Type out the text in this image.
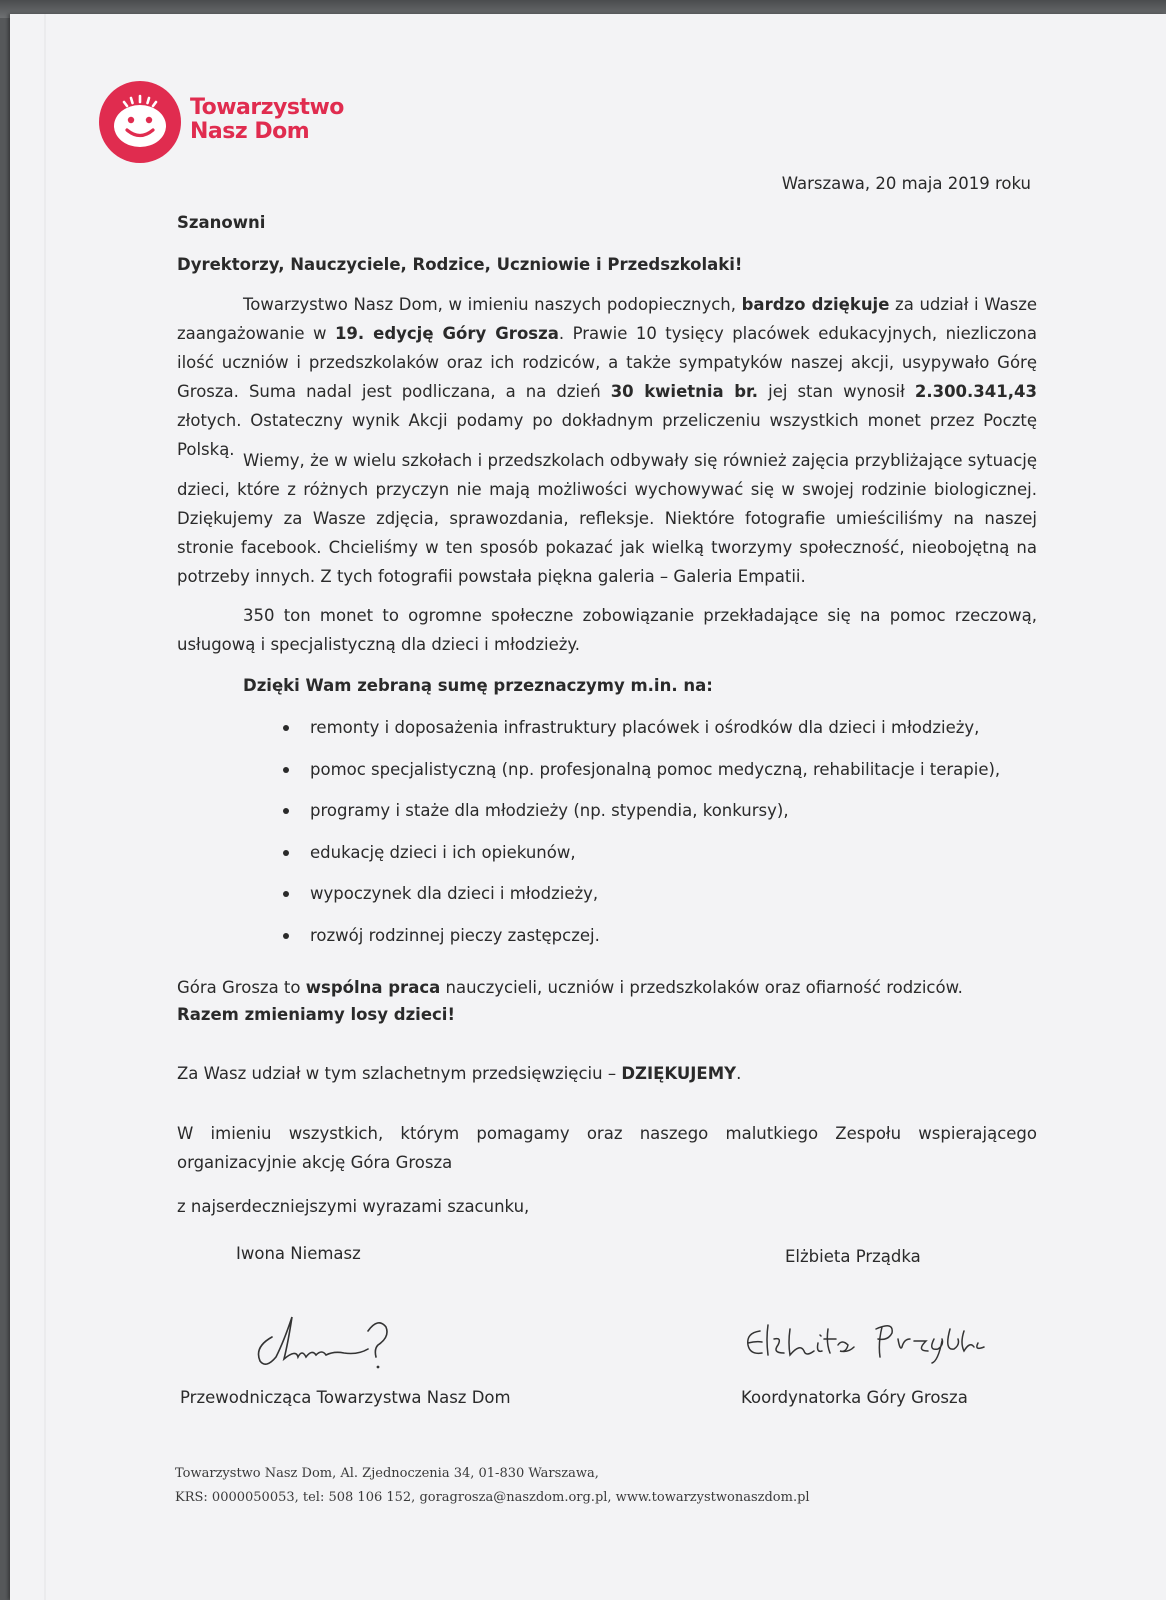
Towarzystwo
Nasz Dom
Warszawa, 20 maja 2019 roku
Szanowni
Dyrektorzy, Nauczyciele, Rodzice, Uczniowie i Przedszkolaki!
Towarzystwo Nasz Dom, w imieniu naszych podopiecznych, bardzo dziękuje za udział i Wasze zaangażowanie w 19. edycję Góry Grosza. Prawie 10 tysięcy placówek edukacyjnych, niezliczona ilość uczniów i przedszkolaków oraz ich rodziców, a także sympatyków naszej akcji, usypywało Górę Grosza. Suma nadal jest podliczana, a na dzień 30 kwietnia br. jej stan wynosił 2.300.341,43 złotych. Ostateczny wynik Akcji podamy po dokładnym przeliczeniu wszystkich monet przez Pocztę Polską.
Wiemy, że w wielu szkołach i przedszkolach odbywały się również zajęcia przybliżające sytuację dzieci, które z różnych przyczyn nie mają możliwości wychowywać się w swojej rodzinie biologicznej. Dziękujemy za Wasze zdjęcia, sprawozdania, refleksje. Niektóre fotografie umieściliśmy na naszej stronie facebook. Chcieliśmy w ten sposób pokazać jak wielką tworzymy społeczność, nieobojętną na potrzeby innych. Z tych fotografii powstała piękna galeria – Galeria Empatii.
350 ton monet to ogromne społeczne zobowiązanie przekładające się na pomoc rzeczową, usługową i specjalistyczną dla dzieci i młodzieży.
Dzięki Wam zebraną sumę przeznaczymy m.in. na:
remonty i doposażenia infrastruktury placówek i ośrodków dla dzieci i młodzieży,
pomoc specjalistyczną (np. profesjonalną pomoc medyczną, rehabilitacje i terapie),
programy i staże dla młodzieży (np. stypendia, konkursy),
edukację dzieci i ich opiekunów,
wypoczynek dla dzieci i młodzieży,
rozwój rodzinnej pieczy zastępczej.
Góra Grosza to wspólna praca nauczycieli, uczniów i przedszkolaków oraz ofiarność rodziców.
Razem zmieniamy losy dzieci!
Za Wasz udział w tym szlachetnym przedsięwzięciu – DZIĘKUJEMY.
W imieniu wszystkich, którym pomagamy oraz naszego malutkiego Zespołu wspierającego organizacyjnie akcję Góra Grosza
z najserdeczniejszymi wyrazami szacunku,
Iwona Niemasz	Elżbieta Prządka
Przewodnicząca Towarzystwa Nasz Dom	Koordynatorka Góry Grosza
Towarzystwo Nasz Dom, Al. Zjednoczenia 34, 01-830 Warszawa,
KRS: 0000050053, tel: 508 106 152, goragrosza@naszdom.org.pl, www.towarzystwonaszdom.pl
